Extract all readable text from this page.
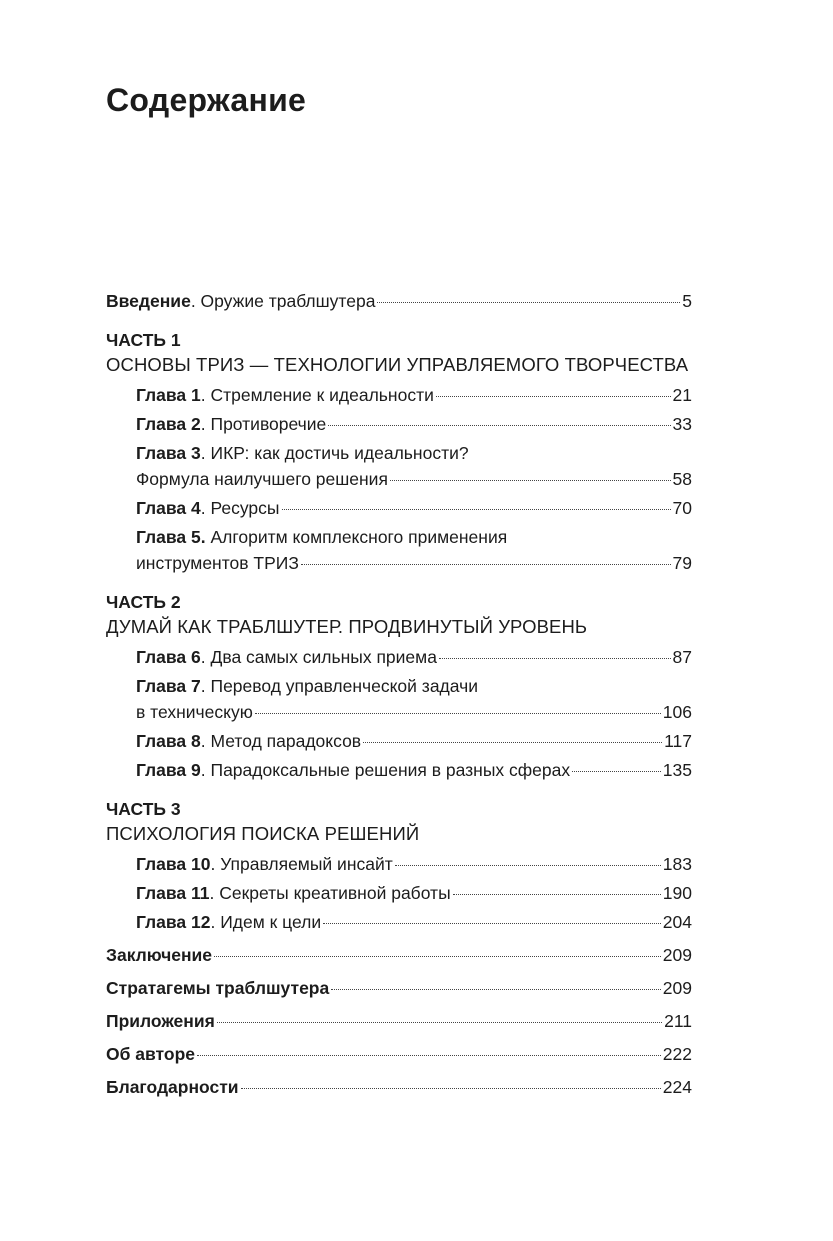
Содержание
Введение. Оружие траблшутера	5
ЧАСТЬ 1
ОСНОВЫ ТРИЗ — ТЕХНОЛОГИИ УПРАВЛЯЕМОГО ТВОРЧЕСТВА
Глава 1. Стремление к идеальности	21
Глава 2. Противоречие	33
Глава 3. ИКР: как достичь идеальности?
Формула наилучшего решения	58
Глава 4. Ресурсы	70
Глава 5. Алгоритм комплексного применения
инструментов ТРИЗ	79
ЧАСТЬ 2
ДУМАЙ КАК ТРАБЛШУТЕР. ПРОДВИНУТЫЙ УРОВЕНЬ
Глава 6. Два самых сильных приема	87
Глава 7. Перевод управленческой задачи
в техническую	106
Глава 8. Метод парадоксов	117
Глава 9. Парадоксальные решения в разных сферах	135
ЧАСТЬ 3
ПСИХОЛОГИЯ ПОИСКА РЕШЕНИЙ
Глава 10. Управляемый инсайт	183
Глава 11. Секреты креативной работы	190
Глава 12. Идем к цели	204
Заключение	209
Стратагемы траблшутера	209
Приложения	211
Об авторе	222
Благодарности	224
